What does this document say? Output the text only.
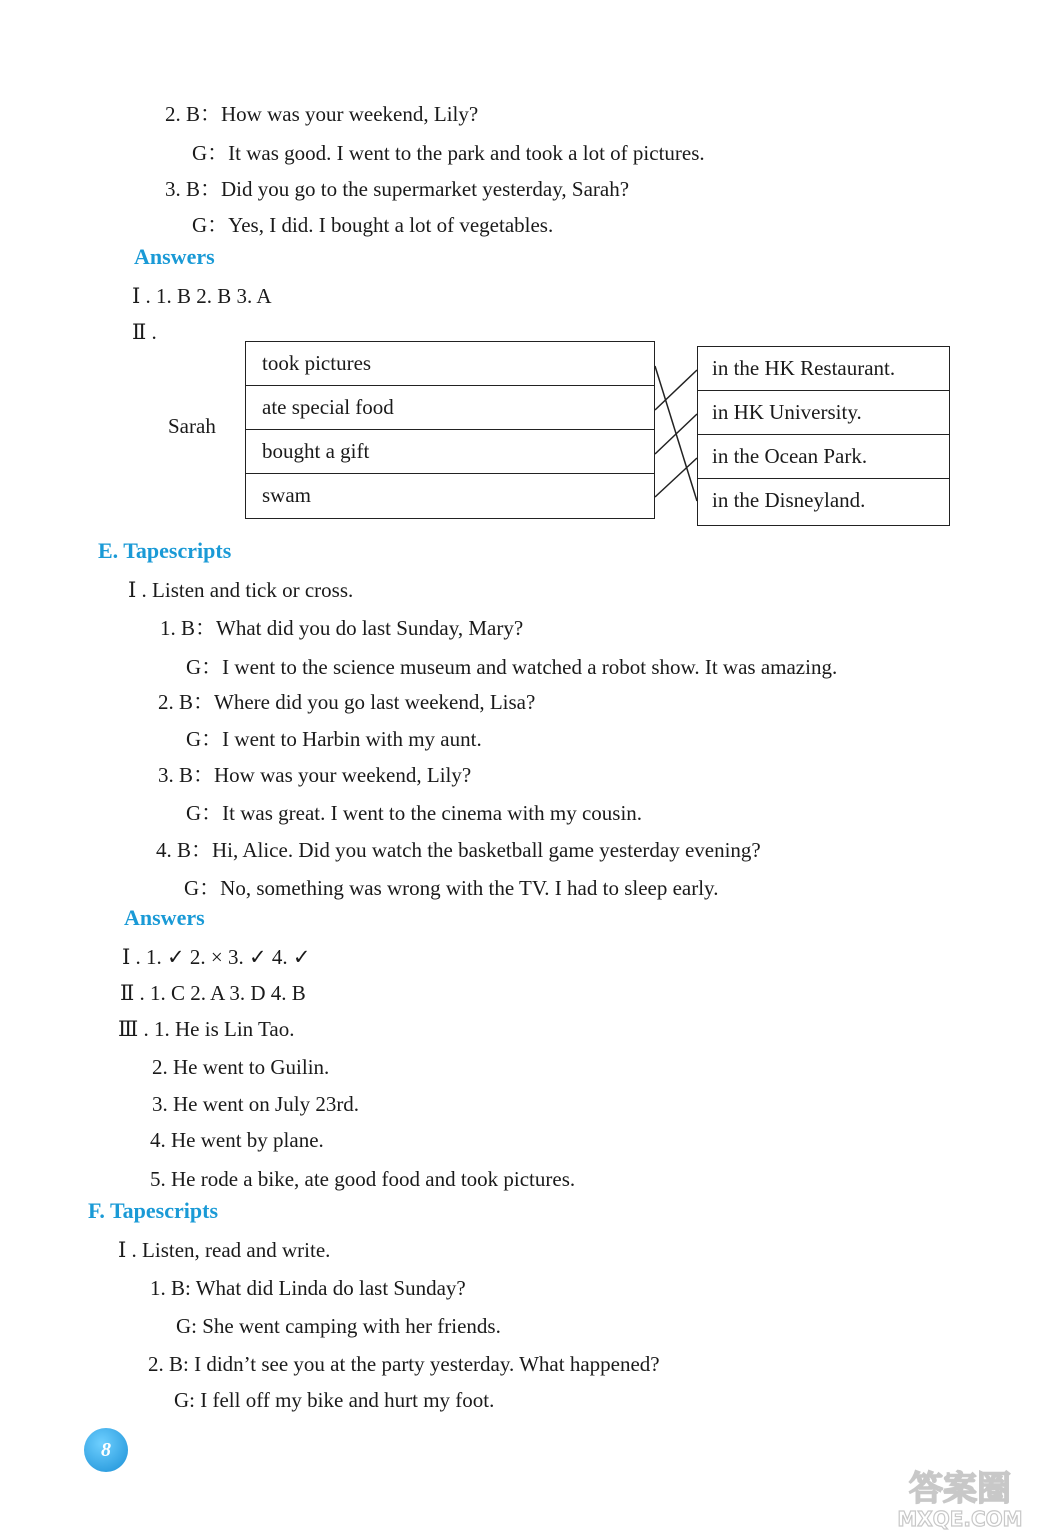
2. B：How was your weekend, Lily?
G：It was good. I went to the park and took a lot of pictures.
3. B：Did you go to the supermarket yesterday, Sarah?
G：Yes, I did. I bought a lot of vegetables.
Answers
Ⅰ . 1. B 2. B 3. A
Ⅱ .
Sarah
took pictures
ate special food
bought a gift
swam
in the HK Restaurant.
in HK University.
in the Ocean Park.
in the Disneyland.
E. Tapescripts
Ⅰ . Listen and tick or cross.
1. B：What did you do last Sunday, Mary?
G：I went to the science museum and watched a robot show. It was amazing.
2. B：Where did you go last weekend, Lisa?
G：I went to Harbin with my aunt.
3. B：How was your weekend, Lily?
G：It was great. I went to the cinema with my cousin.
4. B：Hi, Alice. Did you watch the basketball game yesterday evening?
G：No, something was wrong with the TV. I had to sleep early.
Answers
Ⅰ . 1. ✓ 2. × 3. ✓ 4. ✓
Ⅱ . 1. C 2. A 3. D 4. B
Ⅲ . 1. He is Lin Tao.
2. He went to Guilin.
3. He went on July 23rd.
4. He went by plane.
5. He rode a bike, ate good food and took pictures.
F. Tapescripts
Ⅰ . Listen, read and write.
1. B: What did Linda do last Sunday?
G: She went camping with her friends.
2. B: I didn’t see you at the party yesterday. What happened?
G: I fell off my bike and hurt my foot.
8
答案圈
MXQE.COM
